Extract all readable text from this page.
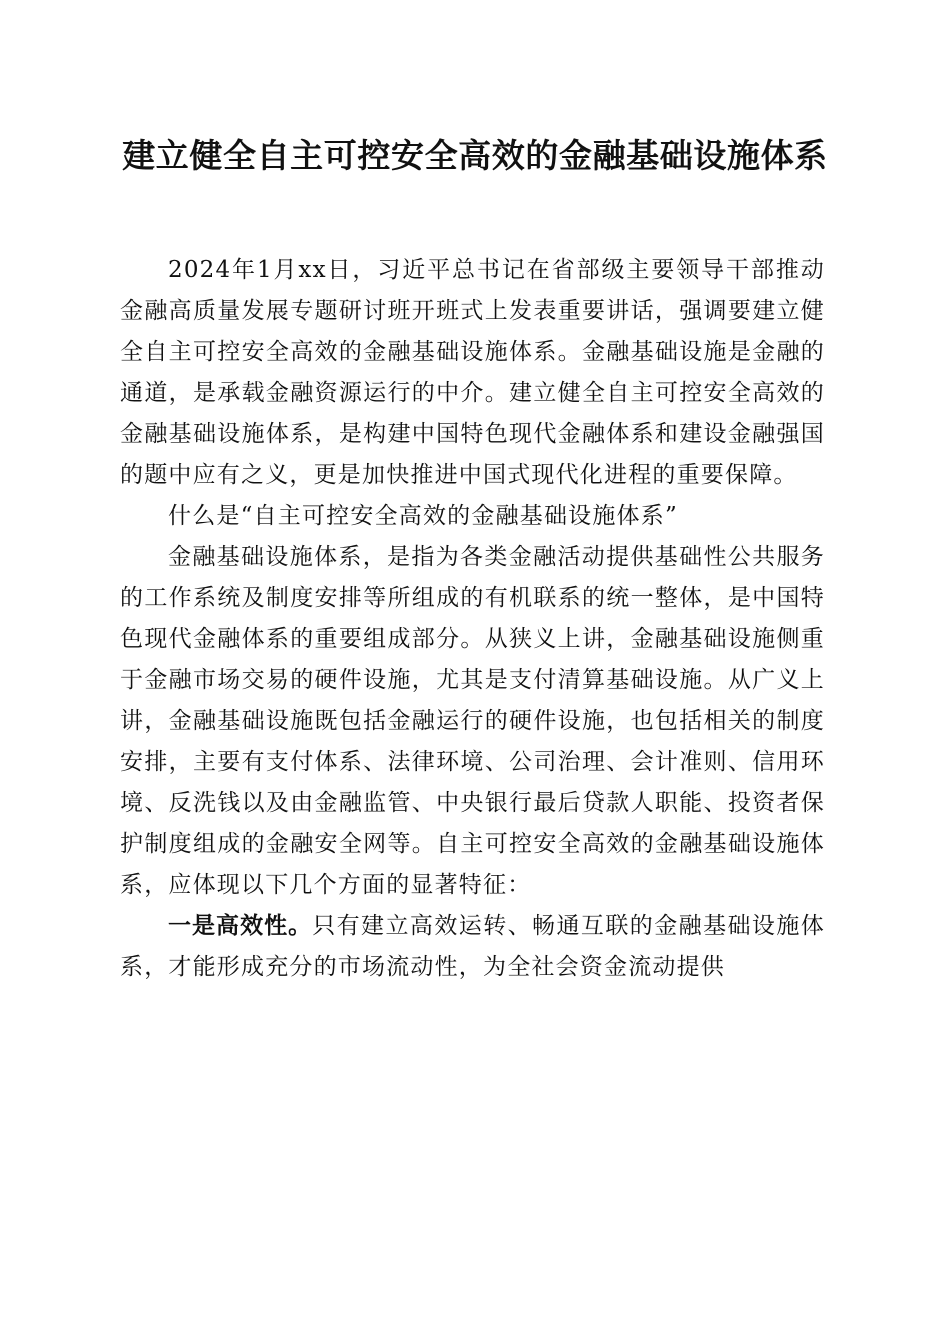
建立健全自主可控安全高效的金融基础设施体系

2024年1月xx日，习近平总书记在省部级主要领导干部推动金融高质量发展专题研讨班开班式上发表重要讲话，强调要建立健全自主可控安全高效的金融基础设施体系。金融基础设施是金融的通道，是承载金融资源运行的中介。建立健全自主可控安全高效的金融基础设施体系，是构建中国特色现代金融体系和建设金融强国的题中应有之义，更是加快推进中国式现代化进程的重要保障。

什么是“自主可控安全高效的金融基础设施体系”

金融基础设施体系，是指为各类金融活动提供基础性公共服务的工作系统及制度安排等所组成的有机联系的统一整体，是中国特色现代金融体系的重要组成部分。从狭义上讲，金融基础设施侧重于金融市场交易的硬件设施，尤其是支付清算基础设施。从广义上讲，金融基础设施既包括金融运行的硬件设施，也包括相关的制度安排，主要有支付体系、法律环境、公司治理、会计准则、信用环境、反洗钱以及由金融监管、中央银行最后贷款人职能、投资者保护制度组成的金融安全网等。自主可控安全高效的金融基础设施体系，应体现以下几个方面的显著特征：

一是高效性。只有建立高效运转、畅通互联的金融基础设施体系，才能形成充分的市场流动性，为全社会资金流动提供
